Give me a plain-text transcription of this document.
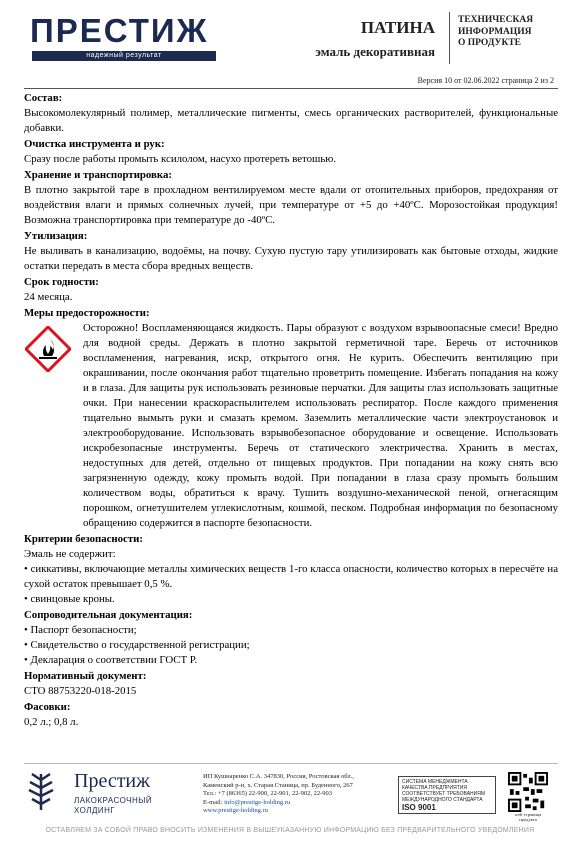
ПРЕСТИЖ
надежный результат
ПАТИНА
эмаль декоративная
ТЕХНИЧЕСКАЯ
ИНФОРМАЦИЯ
О ПРОДУКТЕ
Версия 10 от 02.06.2022 страница 2 из 2
Состав:
Высокомолекулярный полимер, металлические пигменты, смесь органических растворителей, функциональные добавки.
Очистка инструмента и рук:
Сразу после работы промыть ксилолом, насухо протереть ветошью.
Хранение и транспортировка:
В плотно закрытой таре в прохладном вентилируемом месте вдали от отопительных приборов, предохраняя от воздействия влаги и прямых солнечных лучей, при температуре от +5 до +40ºС. Морозостойкая продукция! Возможна транспортировка при температуре до -40ºС.
Утилизация:
Не выливать в канализацию, водоёмы, на почву. Сухую пустую тару утилизировать как бытовые отходы, жидкие остатки передать в места сбора вредных веществ.
Срок годности:
24 месяца.
Меры предосторожности:
Осторожно! Воспламеняющаяся жидкость. Пары образуют с воздухом взрывоопасные смеси! Вредно для водной среды. Держать в плотно закрытой герметичной таре. Беречь от источников воспламенения, нагревания, искр, открытого огня. Не курить. Обеспечить вентиляцию при окрашивании, после окончания работ тщательно проветрить помещение. Избегать попадания на кожу и в глаза. Для защиты рук использовать резиновые перчатки. Для защиты глаз использовать защитные очки. При нанесении краскораспылителем использовать респиратор. После каждого применения тщательно вымыть руки и смазать кремом. Заземлить металлические части электроустановок и электрооборудование. Использовать взрывобезопасное оборудование и освещение. Использовать искробезопасные инструменты. Беречь от статического электричества. Хранить в местах, недоступных для детей, отдельно от пищевых продуктов. При попадании на кожу снять всю загрязненную одежду, кожу промыть водой. При попадании в глаза сразу промыть большим количеством воды, обратиться к врачу. Тушить воздушно-механической пеной, огнегасящим порошком, огнетушителем углекислотным, кошмой, песком. Подробная информация по безопасному обращению содержится в паспорте безопасности.
Критерии безопасности:
Эмаль не содержит:
• сиккативы, включающие металлы химических веществ 1-го класса опасности, количество которых в пересчёте на сухой остаток превышает 0,5 %.
• свинцовые кроны.
Сопроводительная документация:
• Паспорт безопасности;
• Свидетельство о государственной регистрации;
• Декларация о соответствии ГОСТ Р.
Нормативный документ:
СТО 88753220-018-2015
Фасовки:
0,2 л.; 0,8 л.
Престиж
ЛАКОКРАСОЧНЫЙ
ХОЛДИНГ
ИП Кушнаренко С.А. 347830, Россия, Ростовская обл.,
Каменский р-н, х. Старая Станица, пр. Буденного, 267
Тел.: +7 (86365) 22-900, 22-901, 22-902, 22-903
E-mail: info@prestige-holding.ru
www.prestige-holding.ru
СИСТЕМА МЕНЕДЖМЕНТА
КАЧЕСТВА ПРЕДПРИЯТИЯ
СООТВЕТСТВУЕТ ТРЕБОВАНИЯМ
МЕЖДУНАРОДНОГО СТАНДАРТА
ISO 9001
web-страница
продукта
ОСТАВЛЯЕМ ЗА СОБОЙ ПРАВО ВНОСИТЬ ИЗМЕНЕНИЯ В ВЫШЕУКАЗАННУЮ ИНФОРМАЦИЮ БЕЗ ПРЕДВАРИТЕЛЬНОГО УВЕДОМЛЕНИЯ
